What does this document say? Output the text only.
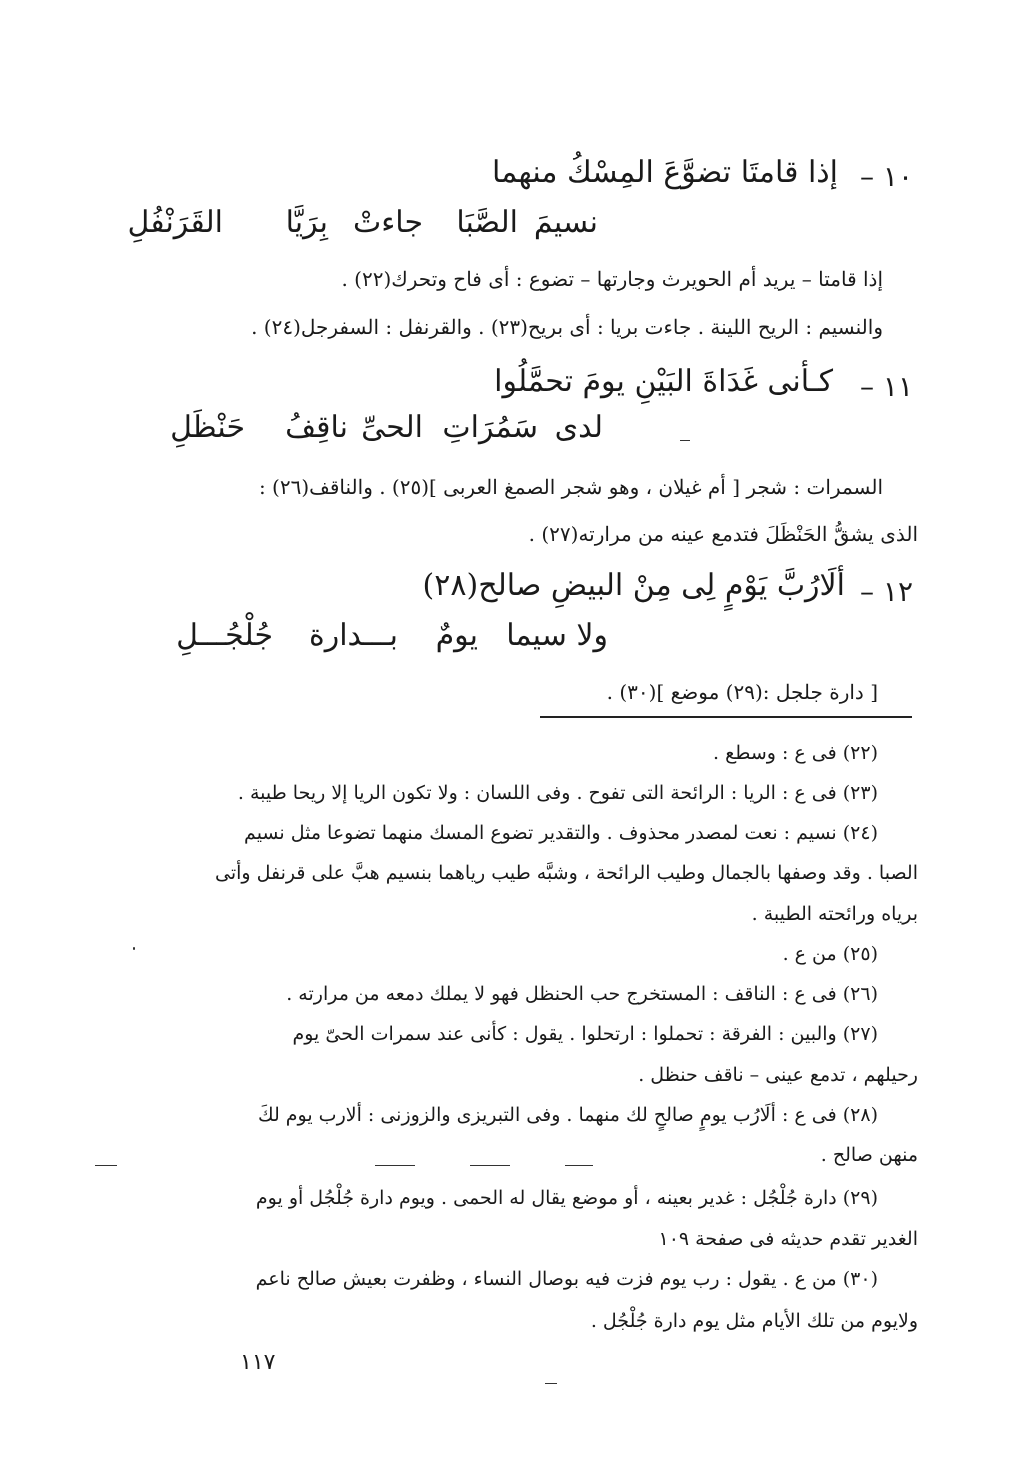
١٠ –
إذا قامتَا تضوَّعَ المِسْكُ منهما
نسيمَ
الصَّبَا
جاءتْ
بِرَيَّا
القَرَنْفُلِ
إذا قامتا – يريد أم الحويرث وجارتها – تضوع : أى فاح وتحرك(٢٢) .
والنسيم : الريح اللينة . جاءت بريا : أى بريح(٢٣) . والقرنفل : السفرجل(٢٤) .
١١ –
كـأنى غَدَاةَ البَيْنِ يومَ تحمَّلُوا
لدى
سَمُرَاتِ
الحىِّ
ناقِفُ
حَنْظَلِ
السمرات : شجر [ أم غيلان ، وهو شجر الصمغ العربى ](٢٥) . والناقف(٢٦) :
الذى يشقُّ الحَنْظَلَ فتدمع عينه من مرارته(٢٧) .
١٢ –
ألَارُبَّ يَوْمٍ لِى مِنْ البيضِ صالح(٢٨)
ولا سيما
يومٌ
بـــدارة
جُلْجُـــلِ
[ دارة جلجل :(٢٩) موضع ](٣٠) .
(٢٢) فى ع : وسطع .
(٢٣) فى ع : الريا : الرائحة التى تفوح . وفى اللسان : ولا تكون الريا إلا ريحا طيبة .
(٢٤) نسيم : نعت لمصدر محذوف . والتقدير تضوع المسك منهما تضوعا مثل نسيم
الصبا . وقد وصفها بالجمال وطيب الرائحة ، وشبَّه طيب رياهما بنسيم هبَّ على قرنفل وأتى
برياه ورائحته الطيبة .
(٢٥) من ع .
(٢٦) فى ع : الناقف : المستخرج حب الحنظل فهو لا يملك دمعه من مرارته .
(٢٧) والبين : الفرقة : تحملوا : ارتحلوا . يقول : كأنى عند سمرات الحىّ يوم
رحيلهم ، تدمع عينى – ناقف حنظل .
(٢٨) فى ع : ألَارُب يومٍ صالحٍ لك منهما . وفى التبريزى والزوزنى : ألارب يوم لكَ
منهن صالح .
(٢٩) دارة جُلْجُل : غدير بعينه ، أو موضع يقال له الحمى . ويوم دارة جُلْجُل أو يوم
الغدير تقدم حديثه فى صفحة ١٠٩
(٣٠) من ع . يقول : رب يوم فزت فيه بوصال النساء ، وظفرت بعيش صالح ناعم
ولايوم من تلك الأيام مثل يوم دارة جُلْجُل .
١١٧
